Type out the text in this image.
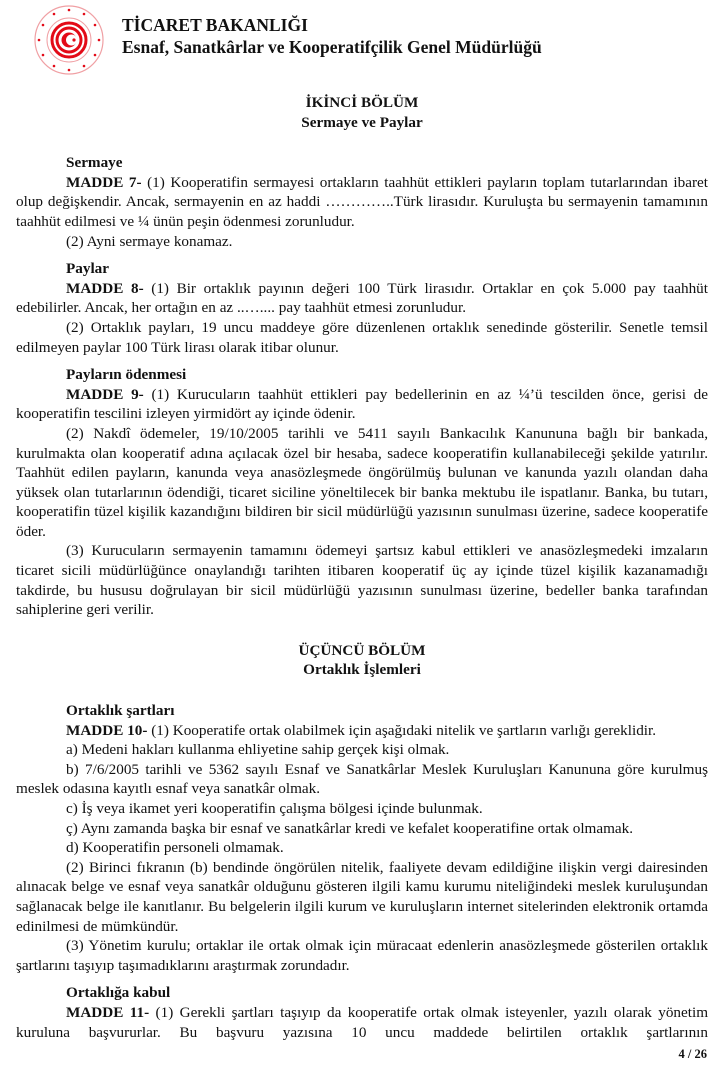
TİCARET BAKANLIĞI
Esnaf, Sanatkârlar ve Kooperatifçilik Genel Müdürlüğü
İKİNCİ BÖLÜM
Sermaye ve Paylar
Sermaye

MADDE 7- (1) Kooperatifin sermayesi ortakların taahhüt ettikleri payların toplam tutarlarından ibaret olup değişkendir. Ancak, sermayenin en az haddi …………..Türk lirasıdır. Kuruluşta bu sermayenin tamamının taahhüt edilmesi ve ¼ ünün peşin ödenmesi zorunludur.

(2) Ayni sermaye konamaz.

Paylar

MADDE 8- (1) Bir ortaklık payının değeri 100 Türk lirasıdır. Ortaklar en çok 5.000 pay taahhüt edebilirler. Ancak, her ortağın en az ..….... pay taahhüt etmesi zorunludur.

(2) Ortaklık payları, 19 uncu maddeye göre düzenlenen ortaklık senedinde gösterilir. Senetle temsil edilmeyen paylar 100 Türk lirası olarak itibar olunur.

Payların ödenmesi

MADDE 9- (1) Kurucuların taahhüt ettikleri pay bedellerinin en az ¼’ü tescilden önce, gerisi de kooperatifin tescilini izleyen yirmidört ay içinde ödenir.

(2) Nakdî ödemeler, 19/10/2005 tarihli ve 5411 sayılı Bankacılık Kanununa bağlı bir bankada, kurulmakta olan kooperatif adına açılacak özel bir hesaba, sadece kooperatifin kullanabileceği şekilde yatırılır. Taahhüt edilen payların, kanunda veya anasözleşmede öngörülmüş bulunan ve kanunda yazılı olandan daha yüksek olan tutarlarının ödendiği, ticaret siciline yöneltilecek bir banka mektubu ile ispatlanır. Banka, bu tutarı, kooperatifin tüzel kişilik kazandığını bildiren bir sicil müdürlüğü yazısının sunulması üzerine, sadece kooperatife öder.

(3) Kurucuların sermayenin tamamını ödemeyi şartsız kabul ettikleri ve anasözleşmedeki imzaların ticaret sicili müdürlüğünce onaylandığı tarihten itibaren kooperatif üç ay içinde tüzel kişilik kazanamadığı takdirde, bu hususu doğrulayan bir sicil müdürlüğü yazısının sunulması üzerine, bedeller banka tarafından sahiplerine geri verilir.

ÜÇÜNCÜ BÖLÜM
Ortaklık İşlemleri
Ortaklık şartları

MADDE 10- (1) Kooperatife ortak olabilmek için aşağıdaki nitelik ve şartların varlığı gereklidir.

a) Medeni hakları kullanma ehliyetine sahip gerçek kişi olmak.

b) 7/6/2005 tarihli ve 5362 sayılı Esnaf ve Sanatkârlar Meslek Kuruluşları Kanununa göre kurulmuş meslek odasına kayıtlı esnaf veya sanatkâr olmak.

c) İş veya ikamet yeri kooperatifin çalışma bölgesi içinde bulunmak.

ç) Aynı zamanda başka bir esnaf ve sanatkârlar kredi ve kefalet kooperatifine ortak olmamak.

d) Kooperatifin personeli olmamak.

(2) Birinci fıkranın (b) bendinde öngörülen nitelik, faaliyete devam edildiğine ilişkin vergi dairesinden alınacak belge ve esnaf veya sanatkâr olduğunu gösteren ilgili kamu kurumu niteliğindeki meslek kuruluşundan sağlanacak belge ile kanıtlanır. Bu belgelerin ilgili kurum ve kuruluşların internet sitelerinden elektronik ortamda edinilmesi de mümkündür.

(3) Yönetim kurulu; ortaklar ile ortak olmak için müracaat edenlerin anasözleşmede gösterilen ortaklık şartlarını taşıyıp taşımadıklarını araştırmak zorundadır.

Ortaklığa kabul

MADDE 11- (1) Gerekli şartları taşıyıp da kooperatife ortak olmak isteyenler, yazılı olarak yönetim kuruluna başvururlar. Bu başvuru yazısına 10 uncu maddede belirtilen ortaklık şartlarının

4 / 26
